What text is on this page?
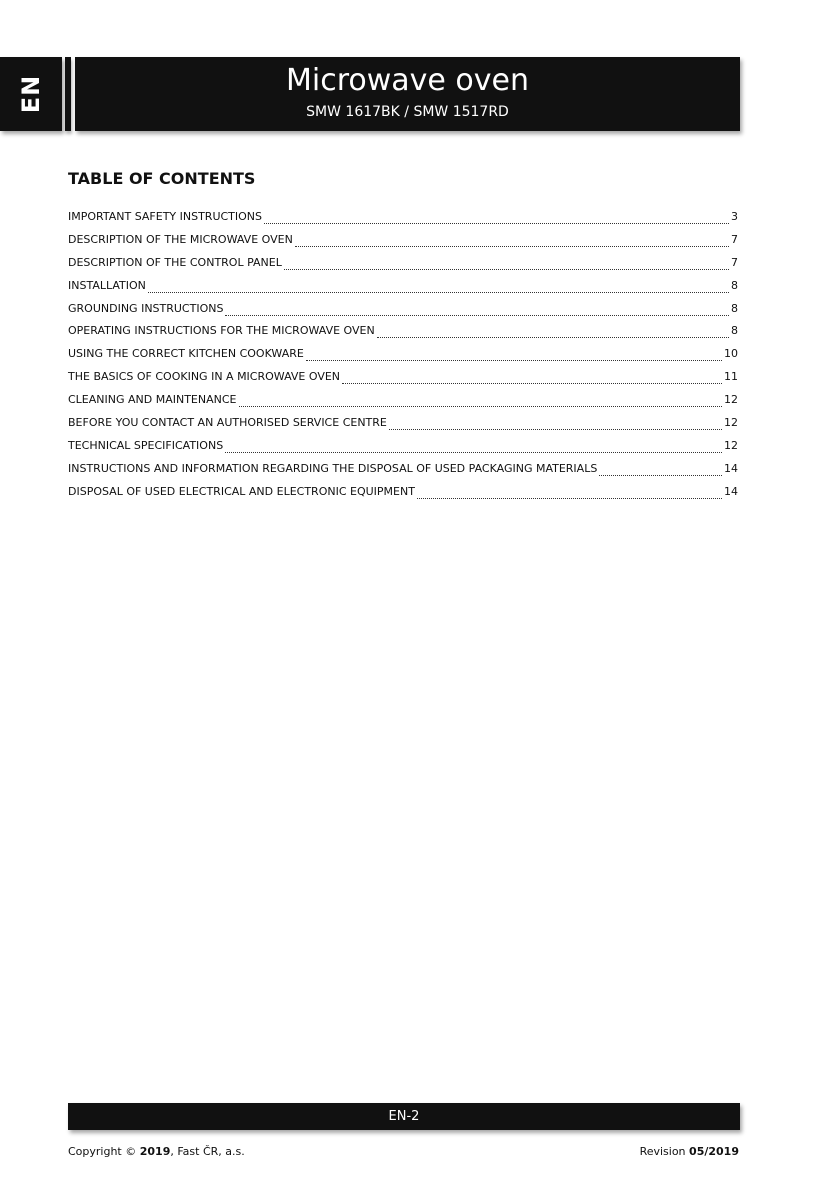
EN	Microwave oven
SMW 1617BK / SMW 1517RD
TABLE OF CONTENTS
IMPORTANT SAFETY INSTRUCTIONS	3
DESCRIPTION OF THE MICROWAVE OVEN	7
DESCRIPTION OF THE CONTROL PANEL	7
INSTALLATION	8
GROUNDING INSTRUCTIONS	8
OPERATING INSTRUCTIONS FOR THE MICROWAVE OVEN	8
USING THE CORRECT KITCHEN COOKWARE	10
THE BASICS OF COOKING IN A MICROWAVE OVEN	11
CLEANING AND MAINTENANCE	12
BEFORE YOU CONTACT AN AUTHORISED SERVICE CENTRE	12
TECHNICAL SPECIFICATIONS	12
INSTRUCTIONS AND INFORMATION REGARDING THE DISPOSAL OF USED PACKAGING MATERIALS	14
DISPOSAL OF USED ELECTRICAL AND ELECTRONIC EQUIPMENT	14
EN-2
Copyright © 2019, Fast ČR, a.s.	Revision 05/2019
